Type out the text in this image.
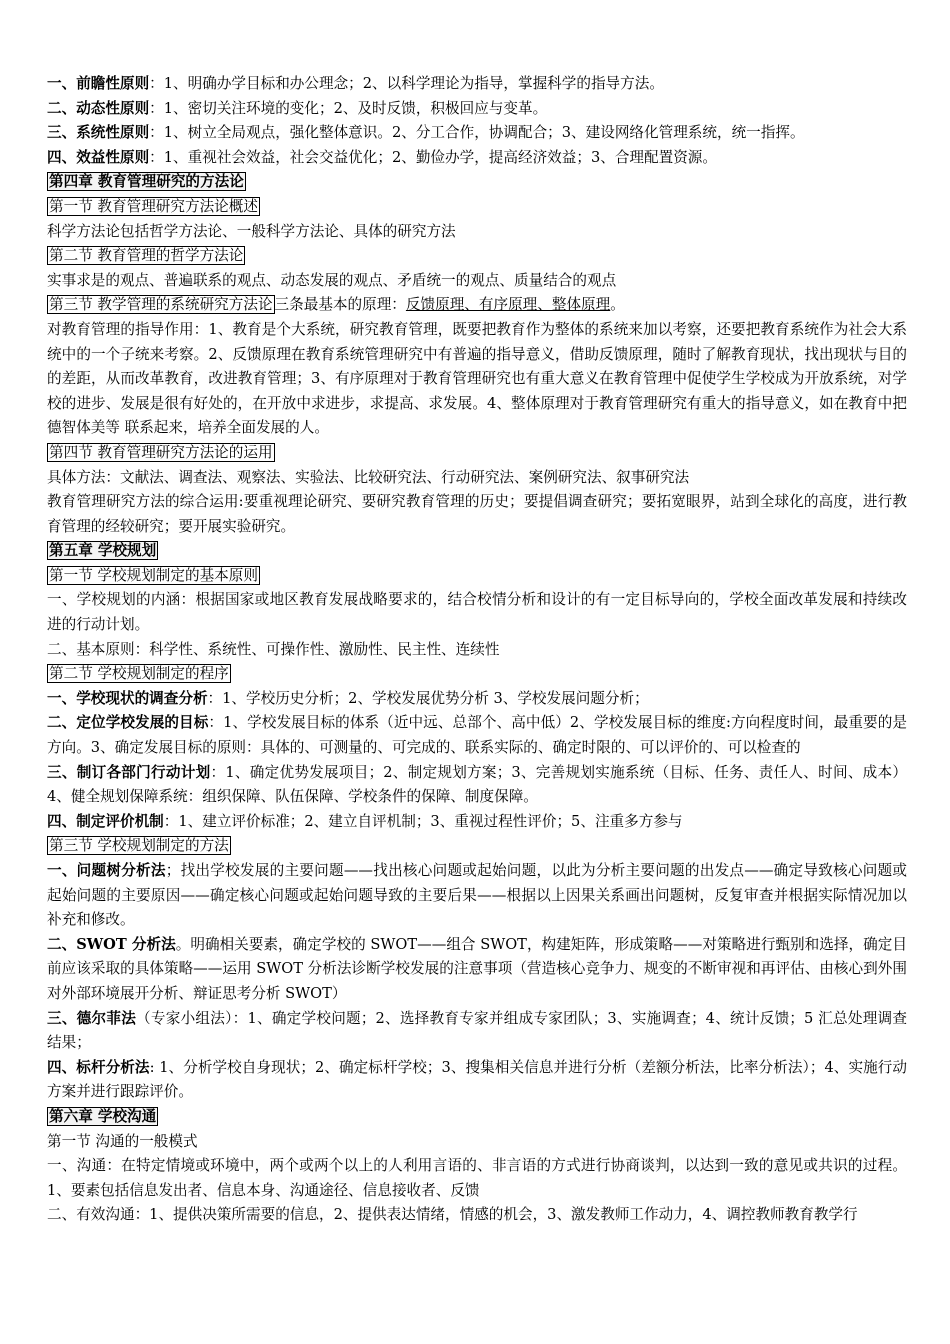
一、前瞻性原则：1、明确办学目标和办公理念；2、以科学理论为指导，掌握科学的指导方法。
二、动态性原则：1、密切关注环境的变化；2、及时反馈，积极回应与变革。
三、系统性原则：1、树立全局观点，强化整体意识。2、分工合作，协调配合；3、建设网络化管理系统，统一指挥。
四、效益性原则：1、重视社会效益，社会交益优化；2、勤俭办学，提高经济效益；3、合理配置资源。
第四章 教育管理研究的方法论
第一节 教育管理研究方法论概述
科学方法论包括哲学方法论、一般科学方法论、具体的研究方法
第二节 教育管理的哲学方法论
实事求是的观点、普遍联系的观点、动态发展的观点、矛盾统一的观点、质量结合的观点
第三节 教学管理的系统研究方法论 三条最基本的原理：反馈原理、有序原理、整体原理。
对教育管理的指导作用：1、教育是个大系统，研究教育管理，既要把教育作为整体的系统来加以考察，还要把教育系统作为社会大系统中的一个子统来考察。2、反馈原理在教育系统管理研究中有普遍的指导意义，借助反馈原理，随时了解教育现状，找出现状与目的的差距，从而改革教育，改进教育管理；3、有序原理对于教育管理研究也有重大意义在教育管理中促使学生学校成为开放系统，对学校的进步、发展是很有好处的，在开放中求进步，求提高、求发展。4、整体原理对于教育管理研究有重大的指导意义，如在教育中把德智体美等 联系起来，培养全面发展的人。
第四节 教育管理研究方法论的运用
具体方法：文献法、调查法、观察法、实验法、比较研究法、行动研究法、案例研究法、叙事研究法
教育管理研究方法的综合运用:要重视理论研究、要研究教育管理的历史；要提倡调查研究；要拓宽眼界，站到全球化的高度，进行教育管理的经较研究；要开展实验研究。
第五章 学校规划
第一节 学校规划制定的基本原则
一、学校规划的内涵：根据国家或地区教育发展战略要求的，结合校情分析和设计的有一定目标导向的，学校全面改革发展和持续改进的行动计划。
二、基本原则：科学性、系统性、可操作性、激励性、民主性、连续性
第二节 学校规划制定的程序
一、学校现状的调查分析：1、学校历史分析；2、学校发展优势分析 3、学校发展问题分析；
二、定位学校发展的目标：1、学校发展目标的体系（近中远、总部个、高中低）2、学校发展目标的维度:方向程度时间，最重要的是方向。3、确定发展目标的原则：具体的、可测量的、可完成的、联系实际的、确定时限的、可以评价的、可以检查的
三、制订各部门行动计划：1、确定优势发展项目；2、制定规划方案；3、完善规划实施系统（目标、任务、责任人、时间、成本）4、健全规划保障系统：组织保障、队伍保障、学校条件的保障、制度保障。
四、制定评价机制：1、建立评价标准；2、建立自评机制；3、重视过程性评价；5、注重多方参与
第三节 学校规划制定的方法
一、问题树分析法；找出学校发展的主要问题——找出核心问题或起始问题，以此为分析主要问题的出发点——确定导致核心问题或起始问题的主要原因——确定核心问题或起始问题导致的主要后果——根据以上因果关系画出问题树，反复审查并根据实际情况加以补充和修改。
二、SWOT 分析法。明确相关要素，确定学校的 SWOT——组合 SWOT，构建矩阵，形成策略——对策略进行甄别和选择，确定目前应该采取的具体策略——运用 SWOT 分析法诊断学校发展的注意事项（营造核心竞争力、规变的不断审视和再评估、由核心到外围对外部环境展开分析、辩证思考分析 SWOT）
三、德尔菲法（专家小组法）：1、确定学校问题；2、选择教育专家并组成专家团队；3、实施调查；4、统计反馈；5 汇总处理调查结果；
四、标杆分析法: 1、分析学校自身现状；2、确定标杆学校；3、搜集相关信息并进行分析（差额分析法，比率分析法）；4、实施行动方案并进行跟踪评价。
第六章 学校沟通
第一节 沟通的一般模式
一、沟通：在特定情境或环境中，两个或两个以上的人利用言语的、非言语的方式进行协商谈判，以达到一致的意见或共识的过程。1、要素包括信息发出者、信息本身、沟通途径、信息接收者、反馈
二、有效沟通：1、提供决策所需要的信息，2、提供表达情绪，情感的机会，3、激发教师工作动力，4、调控教师教育教学行
